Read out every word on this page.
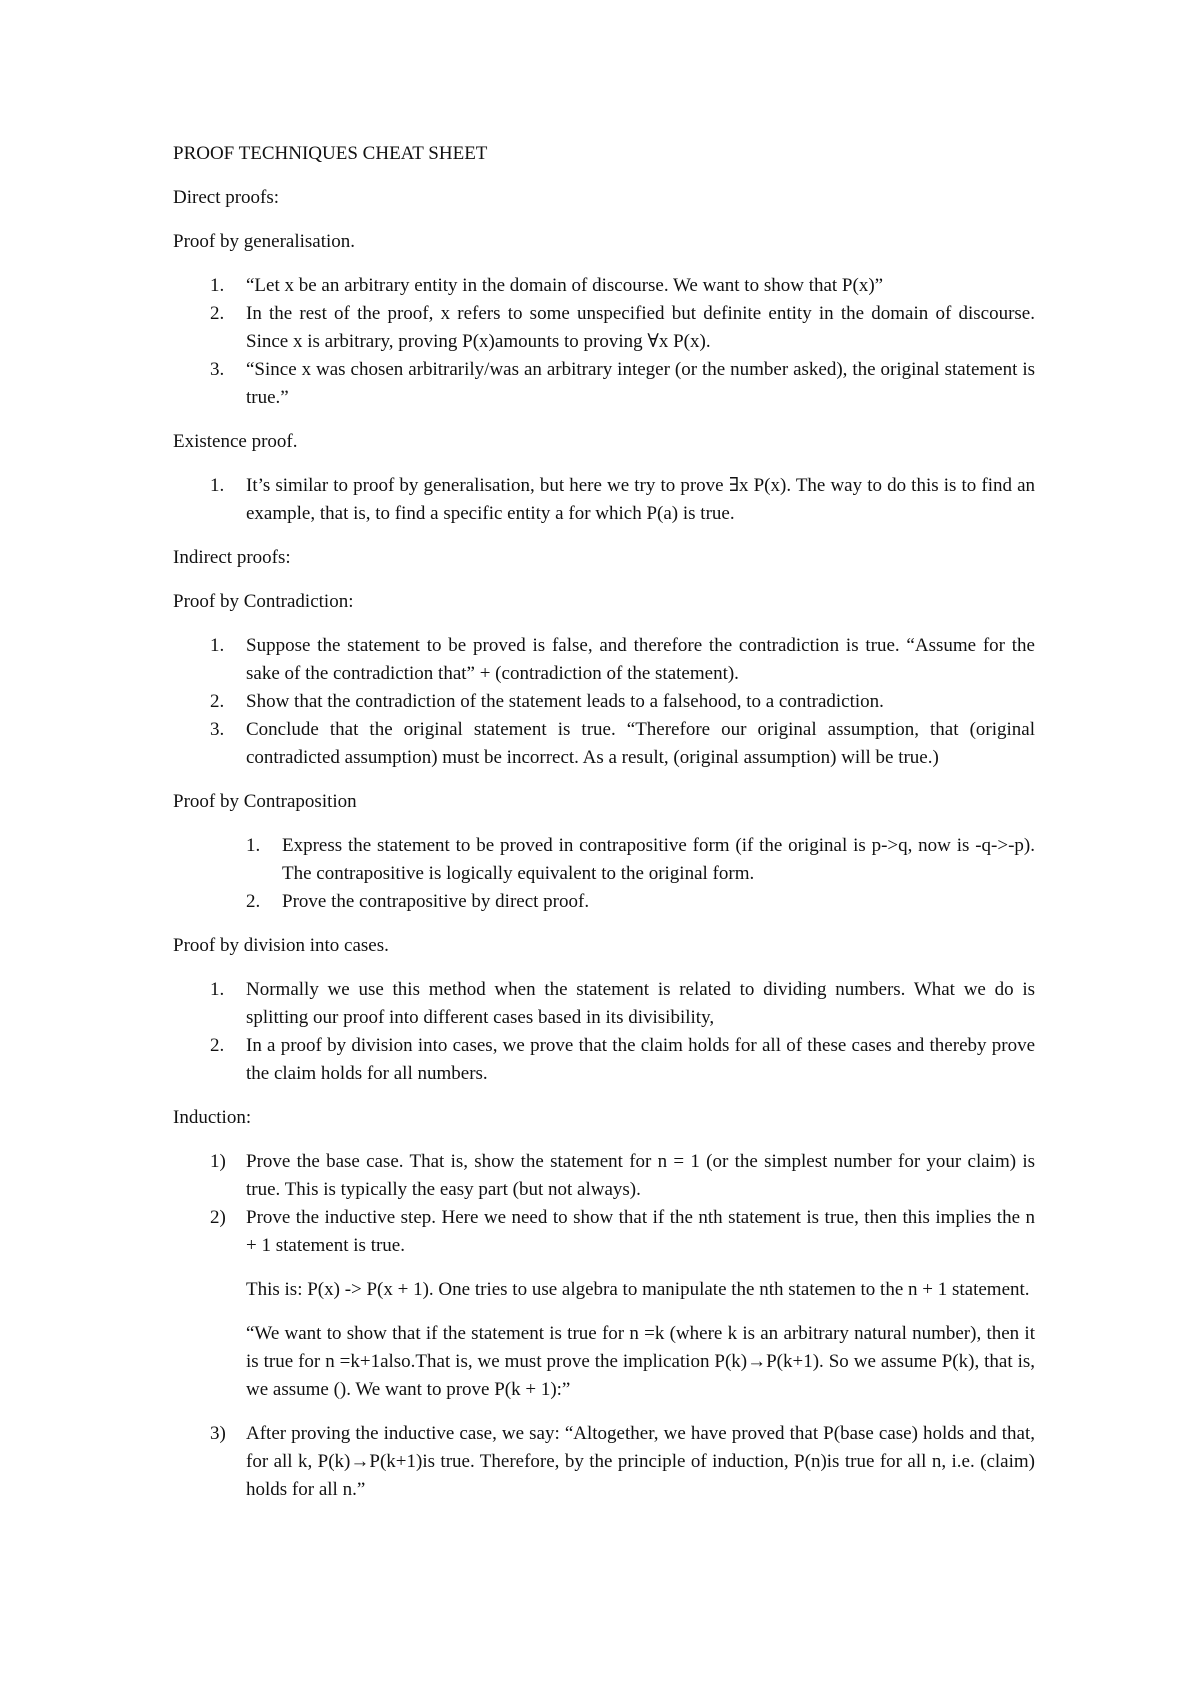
PROOF TECHNIQUES CHEAT SHEET

Direct proofs:

Proof by generalisation.

1.	“Let x be an arbitrary entity in the domain of discourse. We want to show that P(x)”
2.	In the rest of the proof, x refers to some unspecified but definite entity in the domain of discourse. Since x is arbitrary, proving P(x)amounts to proving ∀x P(x).
3.	“Since x was chosen arbitrarily/was an arbitrary integer (or the number asked), the original statement is true.”

Existence proof.

1.	It’s similar to proof by generalisation, but here we try to prove ∃x P(x). The way to do this is to find an example, that is, to find a specific entity a for which P(a) is true.

Indirect proofs:

Proof by Contradiction:

1.	Suppose the statement to be proved is false, and therefore the contradiction is true. “Assume for the sake of the contradiction that” + (contradiction of the statement).
2.	Show that the contradiction of the statement leads to a falsehood, to a contradiction.
3.	Conclude that the original statement is true. “Therefore our original assumption, that (original contradicted assumption) must be incorrect. As a result, (original assumption) will be true.)

Proof by Contraposition

1.	Express the statement to be proved in contrapositive form (if the original is p->q, now is -q->-p). The contrapositive is logically equivalent to the original form.
2.	Prove the contrapositive by direct proof.

Proof by division into cases.

1.	Normally we use this method when the statement is related to dividing numbers. What we do is splitting our proof into different cases based in its divisibility,
2.	In a proof by division into cases, we prove that the claim holds for all of these cases and thereby prove the claim holds for all numbers.

Induction:

1)	Prove the base case. That is, show the statement for n = 1 (or the simplest number for your claim) is true. This is typically the easy part (but not always).
2)	Prove the inductive step. Here we need to show that if the nth statement is true, then this implies the n + 1 statement is true.

This is: P(x) -> P(x + 1). One tries to use algebra to manipulate the nth statemen to the n + 1 statement.

“We want to show that if the statement is true for n =k (where k is an arbitrary natural number), then it is true for n =k+1also.That is, we must prove the implication P(k)→P(k+1). So we assume P(k), that is, we assume (). We want to prove P(k + 1):”

3)	After proving the inductive case, we say: “Altogether, we have proved that P(base case) holds and that, for all k, P(k)→P(k+1)is true. Therefore, by the principle of induction, P(n)is true for all n, i.e. (claim) holds for all n.”
